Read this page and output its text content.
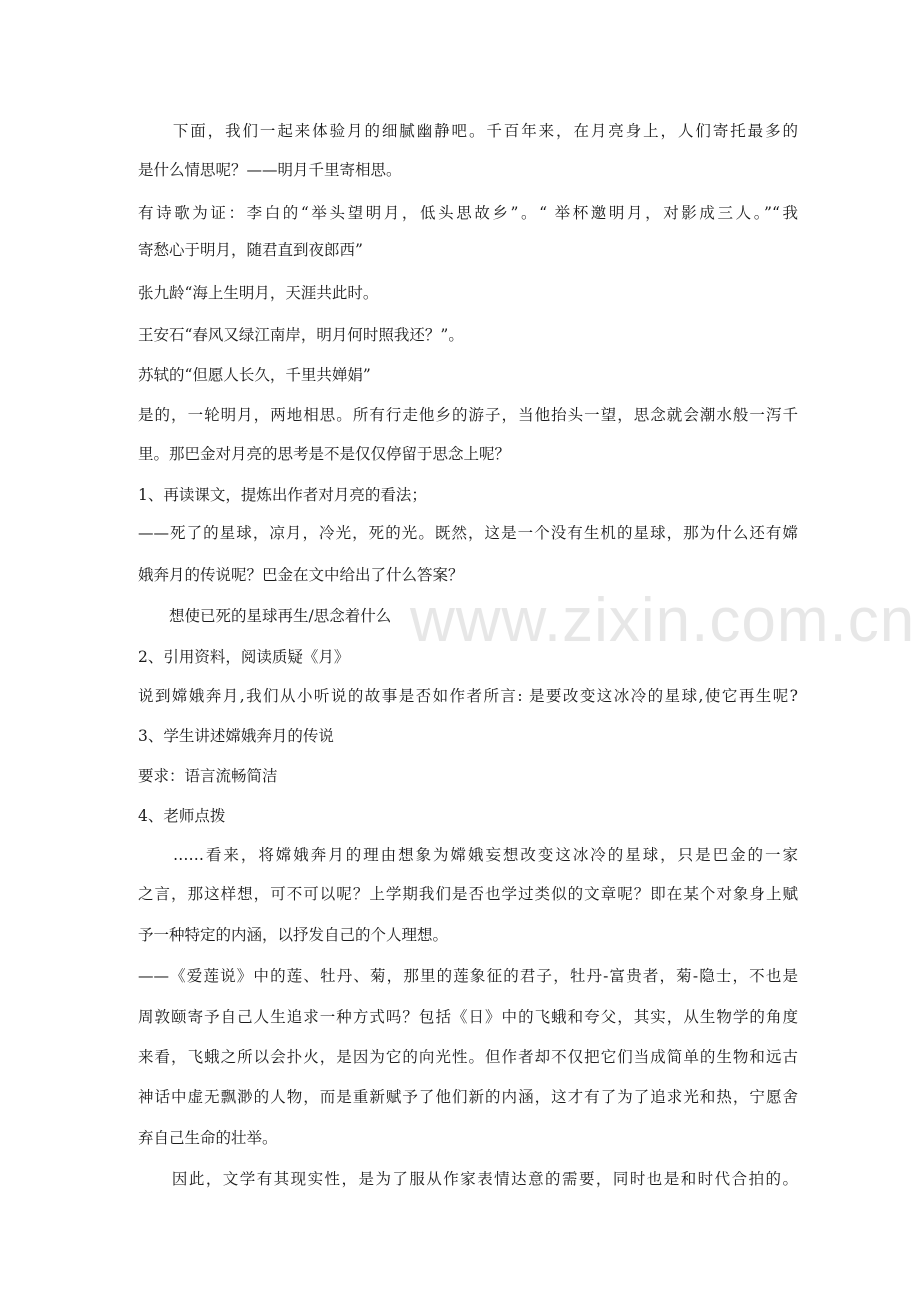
　　下面，我们一起来体验月的细腻幽静吧。千百年来，在月亮身上，人们寄托最多的
是什么情思呢？——明月千里寄相思。
有诗歌为证：李白的“举头望明月，低头思故乡”。“ 举杯邀明月，对影成三人。”“我
寄愁心于明月，随君直到夜郎西”
张九龄“海上生明月，天涯共此时。
王安石“春风又绿江南岸，明月何时照我还？”。
苏轼的“但愿人长久，千里共婵娟”
是的，一轮明月，两地相思。所有行走他乡的游子，当他抬头一望，思念就会潮水般一泻千
里。那巴金对月亮的思考是不是仅仅停留于思念上呢？
1、再读课文，提炼出作者对月亮的看法；
——死了的星球，凉月，冷光，死的光。既然，这是一个没有生机的星球，那为什么还有嫦
娥奔月的传说呢？巴金在文中给出了什么答案？
　　想使已死的星球再生/思念着什么
2、引用资料，阅读质疑《月》
说到嫦娥奔月,我们从小听说的故事是否如作者所言: 是要改变这冰冷的星球,使它再生呢?
3、学生讲述嫦娥奔月的传说
要求：语言流畅简洁
4、老师点拨
　　……看来，将嫦娥奔月的理由想象为嫦娥妄想改变这冰冷的星球，只是巴金的一家
之言，那这样想，可不可以呢？上学期我们是否也学过类似的文章呢？即在某个对象身上赋
予一种特定的内涵，以抒发自己的个人理想。
——《爱莲说》中的莲、牡丹、菊，那里的莲象征的君子，牡丹-富贵者，菊-隐士，不也是
周敦颐寄予自己人生追求一种方式吗？包括《日》中的飞蛾和夸父，其实，从生物学的角度
来看，飞蛾之所以会扑火，是因为它的向光性。但作者却不仅把它们当成简单的生物和远古
神话中虚无飘渺的人物，而是重新赋予了他们新的内涵，这才有了为了追求光和热，宁愿舍
弃自己生命的壮举。
　　因此，文学有其现实性，是为了服从作家表情达意的需要，同时也是和时代合拍的。
www.zixin.com.cn
